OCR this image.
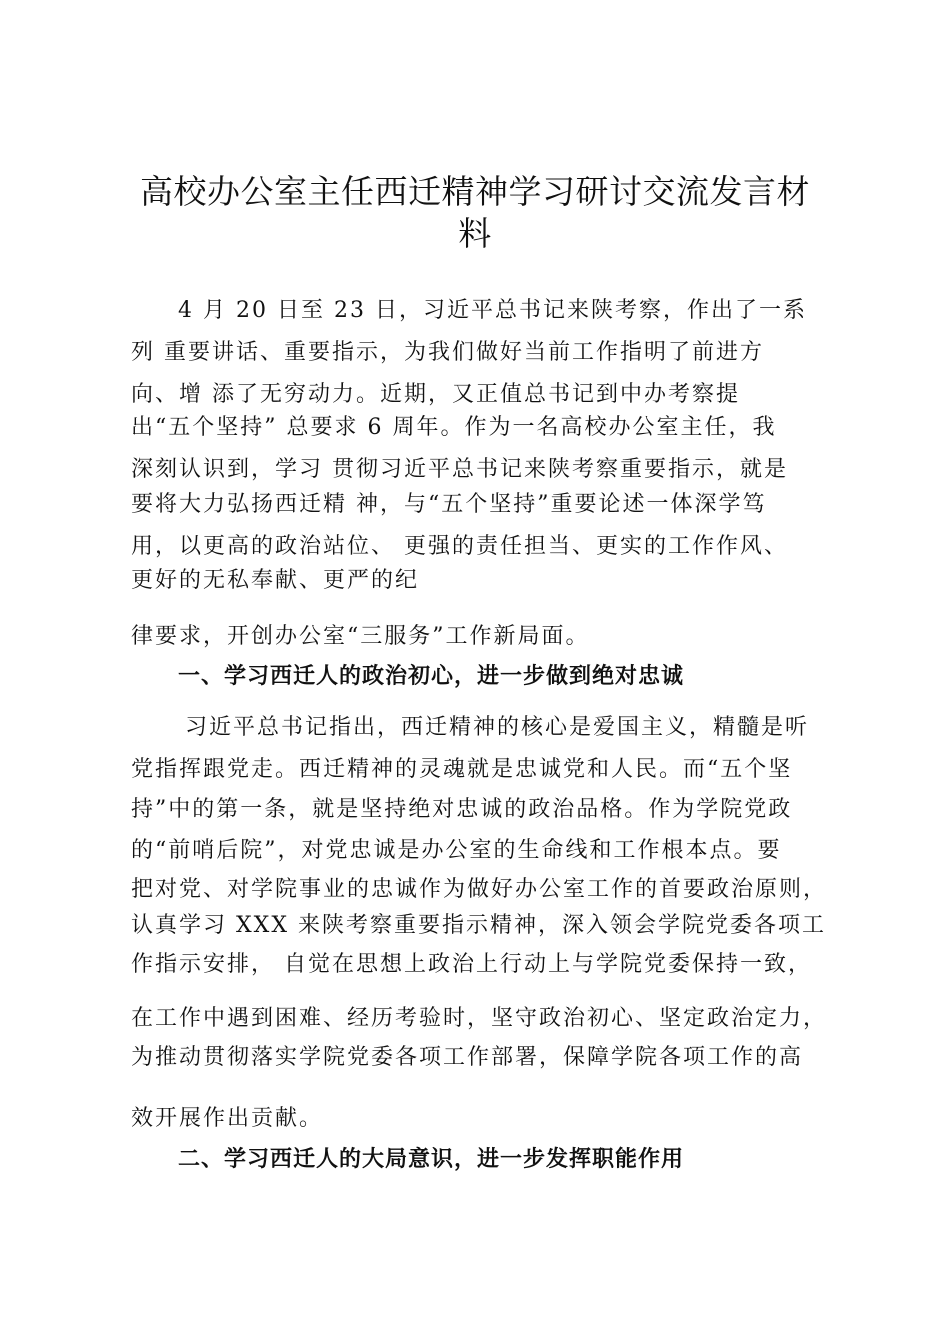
高校办公室主任西迁精神学习研讨交流发言材
料
4 月 20 日至 23 日，习近平总书记来陕考察，作出了一系
列 重要讲话、重要指示，为我们做好当前工作指明了前进方
向、增 添了无穷动力。近期，又正值总书记到中办考察提
出“五个坚持” 总要求 6 周年。作为一名高校办公室主任，我
深刻认识到，学习 贯彻习近平总书记来陕考察重要指示，就是
要将大力弘扬西迁精 神，与“五个坚持”重要论述一体深学笃
用，以更高的政治站位、 更强的责任担当、更实的工作作风、
更好的无私奉献、更严的纪
律要求，开创办公室“三服务”工作新局面。
一、学习西迁人的政治初心，进一步做到绝对忠诚
习近平总书记指出，西迁精神的核心是爱国主义，精髓是听
党指挥跟党走。西迁精神的灵魂就是忠诚党和人民。而“五个坚
持”中的第一条，就是坚持绝对忠诚的政治品格。作为学院党政
的“前哨后院”，对党忠诚是办公室的生命线和工作根本点。要
把对党、对学院事业的忠诚作为做好办公室工作的首要政治原则，
认真学习 XXX 来陕考察重要指示精神，深入领会学院党委各项工
作指示安排， 自觉在思想上政治上行动上与学院党委保持一致，
在工作中遇到困难、经历考验时，坚守政治初心、坚定政治定力，
为推动贯彻落实学院党委各项工作部署，保障学院各项工作的高
效开展作出贡献。
二、学习西迁人的大局意识，进一步发挥职能作用
